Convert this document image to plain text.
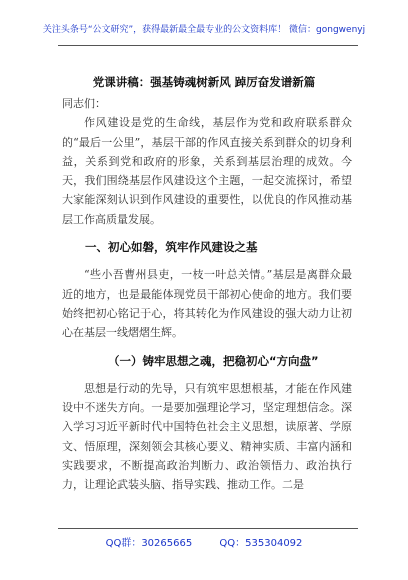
关注头条号“公文研究”，获得最新最全最专业的公文资料库！ 微信：gongwenyj
党课讲稿：强基铸魂树新风 踔厉奋发谱新篇

同志们：

作风建设是党的生命线，基层作为党和政府联系群众的“最后一公里”，基层干部的作风直接关系到群众的切身利益，关系到党和政府的形象，关系到基层治理的成效。今天，我们围绕基层作风建设这个主题，一起交流探讨，希望大家能深刻认识到作风建设的重要性，以优良的作风推动基层工作高质量发展。

一、初心如磐，筑牢作风建设之基

“些小吾曹州县吏，一枝一叶总关情。”基层是离群众最近的地方，也是最能体现党员干部初心使命的地方。我们要始终把初心铭记于心，将其转化为作风建设的强大动力让初心在基层一线熠熠生辉。

（一）铸牢思想之魂，把稳初心“方向盘”

思想是行动的先导，只有筑牢思想根基，才能在作风建设中不迷失方向。一是要加强理论学习，坚定理想信念。深入学习习近平新时代中国特色社会主义思想，读原著、学原文、悟原理，深刻领会其核心要义、精神实质、丰富内涵和实践要求，不断提高政治判断力、政治领悟力、政治执行力，让理论武装头脑、指导实践、推动工作。二是

QQ群：30265665	QQ：535304092
